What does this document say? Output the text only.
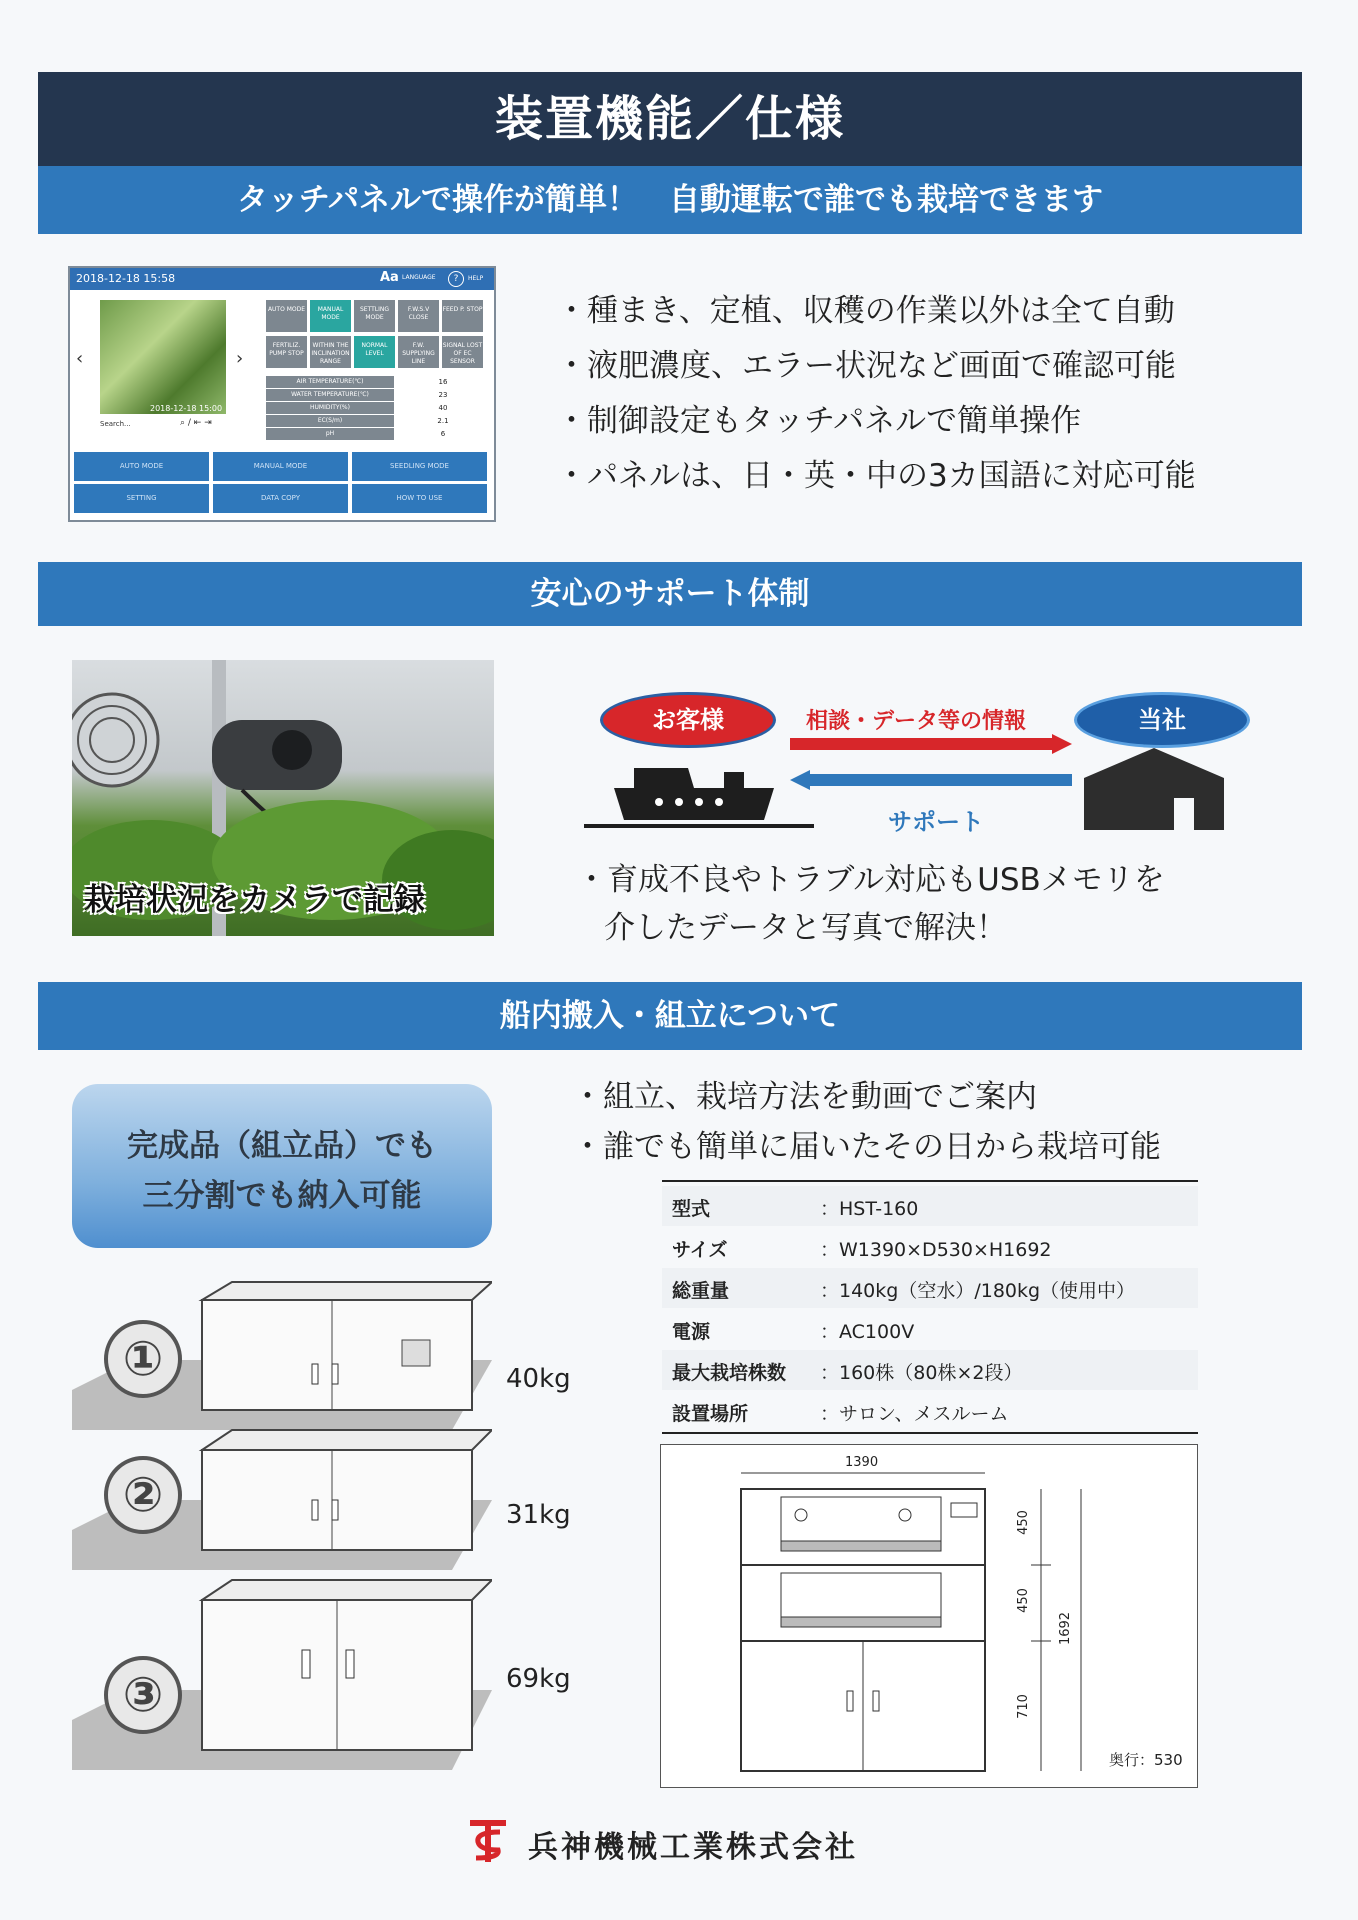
装置機能／仕様
タッチパネルで操作が簡単！　自動運転で誰でも栽培できます
2018-12-18 15:58	Aa LANGUAGE	?	HELP
‹
2018-12-18 15:00
›
Search...	⌕ / ⇤ ⇥
AUTO MODE	MANUAL MODE
SETTLING MODE
F.W.S.V CLOSE
FEED P. STOP
FERTILIZ. PUMP STOP
WITHIN THE INCLINATION RANGE
NORMAL LEVEL
F.W. SUPPLYING LINE
SIGNAL LOST OF EC SENSOR
AIR TEMPERATURE(℃)	16
WATER TEMPERATURE(℃)	23
HUMIDITY(%)	40
EC(S/m)	2.1
pH	6
AUTO MODE	MANUAL MODE	SEEDLING MODE
SETTING	DATA COPY	HOW TO USE
・種まき、定植、収穫の作業以外は全て自動
・液肥濃度、エラー状況など画面で確認可能
・制御設定もタッチパネルで簡単操作
・パネルは、日・英・中の3カ国語に対応可能
安心のサポート体制
栽培状況をカメラで記録
お客様	当社
相談・データ等の情報
サポート
・育成不良やトラブル対応もUSBメモリを
介したデータと写真で解決！
船内搬入・組立について
完成品（組立品）でも
三分割でも納入可能
・組立、栽培方法を動画でご案内
・誰でも簡単に届いたその日から栽培可能
①	40kg
②	31kg
③	69kg
型式	：HST-160
サイズ	：W1390×D530×H1692
総重量	：140kg（空水）/180kg（使用中）
電源	：AC100V
最大栽培株数 ：160株（80株×2段）
設置場所	：サロン、メスルーム
1390
450
450
710
1692
奥行：530
兵神機械工業株式会社
